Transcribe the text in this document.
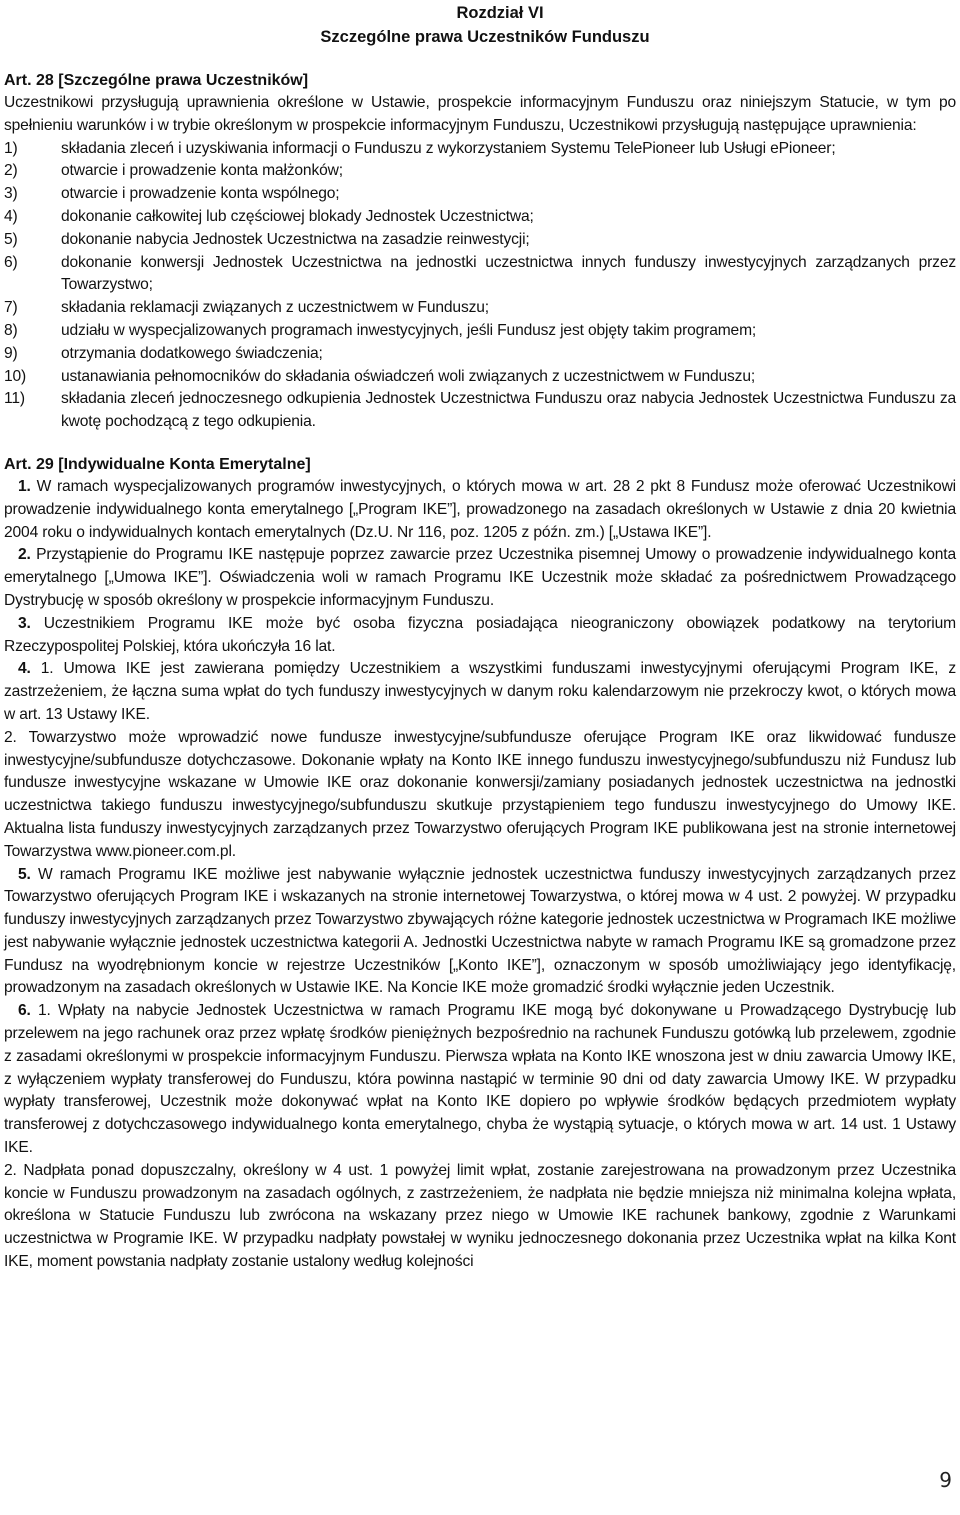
Rozdział VI
Szczególne prawa Uczestników Funduszu
Art. 28 [Szczególne prawa Uczestników]

Uczestnikowi przysługują uprawnienia określone w Ustawie, prospekcie informacyjnym Funduszu oraz niniejszym Statucie, w tym po spełnieniu warunków i w trybie określonym w prospekcie informacyjnym Funduszu, Uczestnikowi przysługują następujące uprawnienia:

1)	składania zleceń i uzyskiwania informacji o Funduszu z wykorzystaniem Systemu TelePioneer lub Usługi ePioneer;
2)	otwarcie i prowadzenie konta małżonków;
3)	otwarcie i prowadzenie konta wspólnego;
4)	dokonanie całkowitej lub częściowej blokady Jednostek Uczestnictwa;
5)	dokonanie nabycia Jednostek Uczestnictwa na zasadzie reinwestycji;
6)	dokonanie konwersji Jednostek Uczestnictwa na jednostki uczestnictwa innych funduszy inwestycyjnych zarządzanych przez Towarzystwo;
7)	składania reklamacji związanych z uczestnictwem w Funduszu;
8)	udziału w wyspecjalizowanych programach inwestycyjnych, jeśli Fundusz jest objęty takim programem;
9)	otrzymania dodatkowego świadczenia;
10) ustanawiania pełnomocników do składania oświadczeń woli związanych z uczestnictwem w Funduszu;
11) składania zleceń jednoczesnego odkupienia Jednostek Uczestnictwa Funduszu oraz nabycia Jednostek Uczestnictwa Funduszu za kwotę pochodzącą z tego odkupienia.
Art. 29 [Indywidualne Konta Emerytalne]

1. W ramach wyspecjalizowanych programów inwestycyjnych, o których mowa w art. 28 2 pkt 8 Fundusz może oferować Uczestnikowi prowadzenie indywidualnego konta emerytalnego [„Program IKE”], prowadzonego na zasadach określonych w Ustawie z dnia 20 kwietnia 2004 roku o indywidualnych kontach emerytalnych (Dz.U. Nr 116, poz. 1205 z późn. zm.) [„Ustawa IKE”].

2. Przystąpienie do Programu IKE następuje poprzez zawarcie przez Uczestnika pisemnej Umowy o prowadzenie indywidualnego konta emerytalnego [„Umowa IKE”]. Oświadczenia woli w ramach Programu IKE Uczestnik może składać za pośrednictwem Prowadzącego Dystrybucję w sposób określony w prospekcie informacyjnym Funduszu.

3. Uczestnikiem Programu IKE może być osoba fizyczna posiadająca nieograniczony obowiązek podatkowy na terytorium Rzeczypospolitej Polskiej, która ukończyła 16 lat.

4. 1. Umowa IKE jest zawierana pomiędzy Uczestnikiem a wszystkimi funduszami inwestycyjnymi oferującymi Program IKE, z zastrzeżeniem, że łączna suma wpłat do tych funduszy inwestycyjnych w danym roku kalendarzowym nie przekroczy kwot, o których mowa w art. 13 Ustawy IKE.

2. Towarzystwo może wprowadzić nowe fundusze inwestycyjne/subfundusze oferujące Program IKE oraz likwidować fundusze inwestycyjne/subfundusze dotychczasowe. Dokonanie wpłaty na Konto IKE innego funduszu inwestycyjnego/subfunduszu niż Fundusz lub fundusze inwestycyjne wskazane w Umowie IKE oraz dokonanie konwersji/zamiany posiadanych jednostek uczestnictwa na jednostki uczestnictwa takiego funduszu inwestycyjnego/subfunduszu skutkuje przystąpieniem tego funduszu inwestycyjnego do Umowy IKE. Aktualna lista funduszy inwestycyjnych zarządzanych przez Towarzystwo oferujących Program IKE publikowana jest na stronie internetowej Towarzystwa www.pioneer.com.pl.

5. W ramach Programu IKE możliwe jest nabywanie wyłącznie jednostek uczestnictwa funduszy inwestycyjnych zarządzanych przez Towarzystwo oferujących Program IKE i wskazanych na stronie internetowej Towarzystwa, o której mowa w 4 ust. 2 powyżej. W przypadku funduszy inwestycyjnych zarządzanych przez Towarzystwo zbywających różne kategorie jednostek uczestnictwa w Programach IKE możliwe jest nabywanie wyłącznie jednostek uczestnictwa kategorii A. Jednostki Uczestnictwa nabyte w ramach Programu IKE są gromadzone przez Fundusz na wyodrębnionym koncie w rejestrze Uczestników [„Konto IKE”], oznaczonym w sposób umożliwiający jego identyfikację, prowadzonym na zasadach określonych w Ustawie IKE. Na Koncie IKE może gromadzić środki wyłącznie jeden Uczestnik.

6. 1. Wpłaty na nabycie Jednostek Uczestnictwa w ramach Programu IKE mogą być dokonywane u Prowadzącego Dystrybucję lub przelewem na jego rachunek oraz przez wpłatę środków pieniężnych bezpośrednio na rachunek Funduszu gotówką lub przelewem, zgodnie z zasadami określonymi w prospekcie informacyjnym Funduszu. Pierwsza wpłata na Konto IKE wnoszona jest w dniu zawarcia Umowy IKE, z wyłączeniem wypłaty transferowej do Funduszu, która powinna nastąpić w terminie 90 dni od daty zawarcia Umowy IKE. W przypadku wypłaty transferowej, Uczestnik może dokonywać wpłat na Konto IKE dopiero po wpływie środków będących przedmiotem wypłaty transferowej z dotychczasowego indywidualnego konta emerytalnego, chyba że wystąpią sytuacje, o których mowa w art. 14 ust. 1 Ustawy IKE.

2. Nadpłata ponad dopuszczalny, określony w 4 ust. 1 powyżej limit wpłat, zostanie zarejestrowana na prowadzonym przez Uczestnika koncie w Funduszu prowadzonym na zasadach ogólnych, z zastrzeżeniem, że nadpłata nie będzie mniejsza niż minimalna kolejna wpłata, określona w Statucie Funduszu lub zwrócona na wskazany przez niego w Umowie IKE rachunek bankowy, zgodnie z Warunkami uczestnictwa w Programie IKE. W przypadku nadpłaty powstałej w wyniku jednoczesnego dokonania przez Uczestnika wpłat na kilka Kont IKE, moment powstania nadpłaty zostanie ustalony według kolejności

9
